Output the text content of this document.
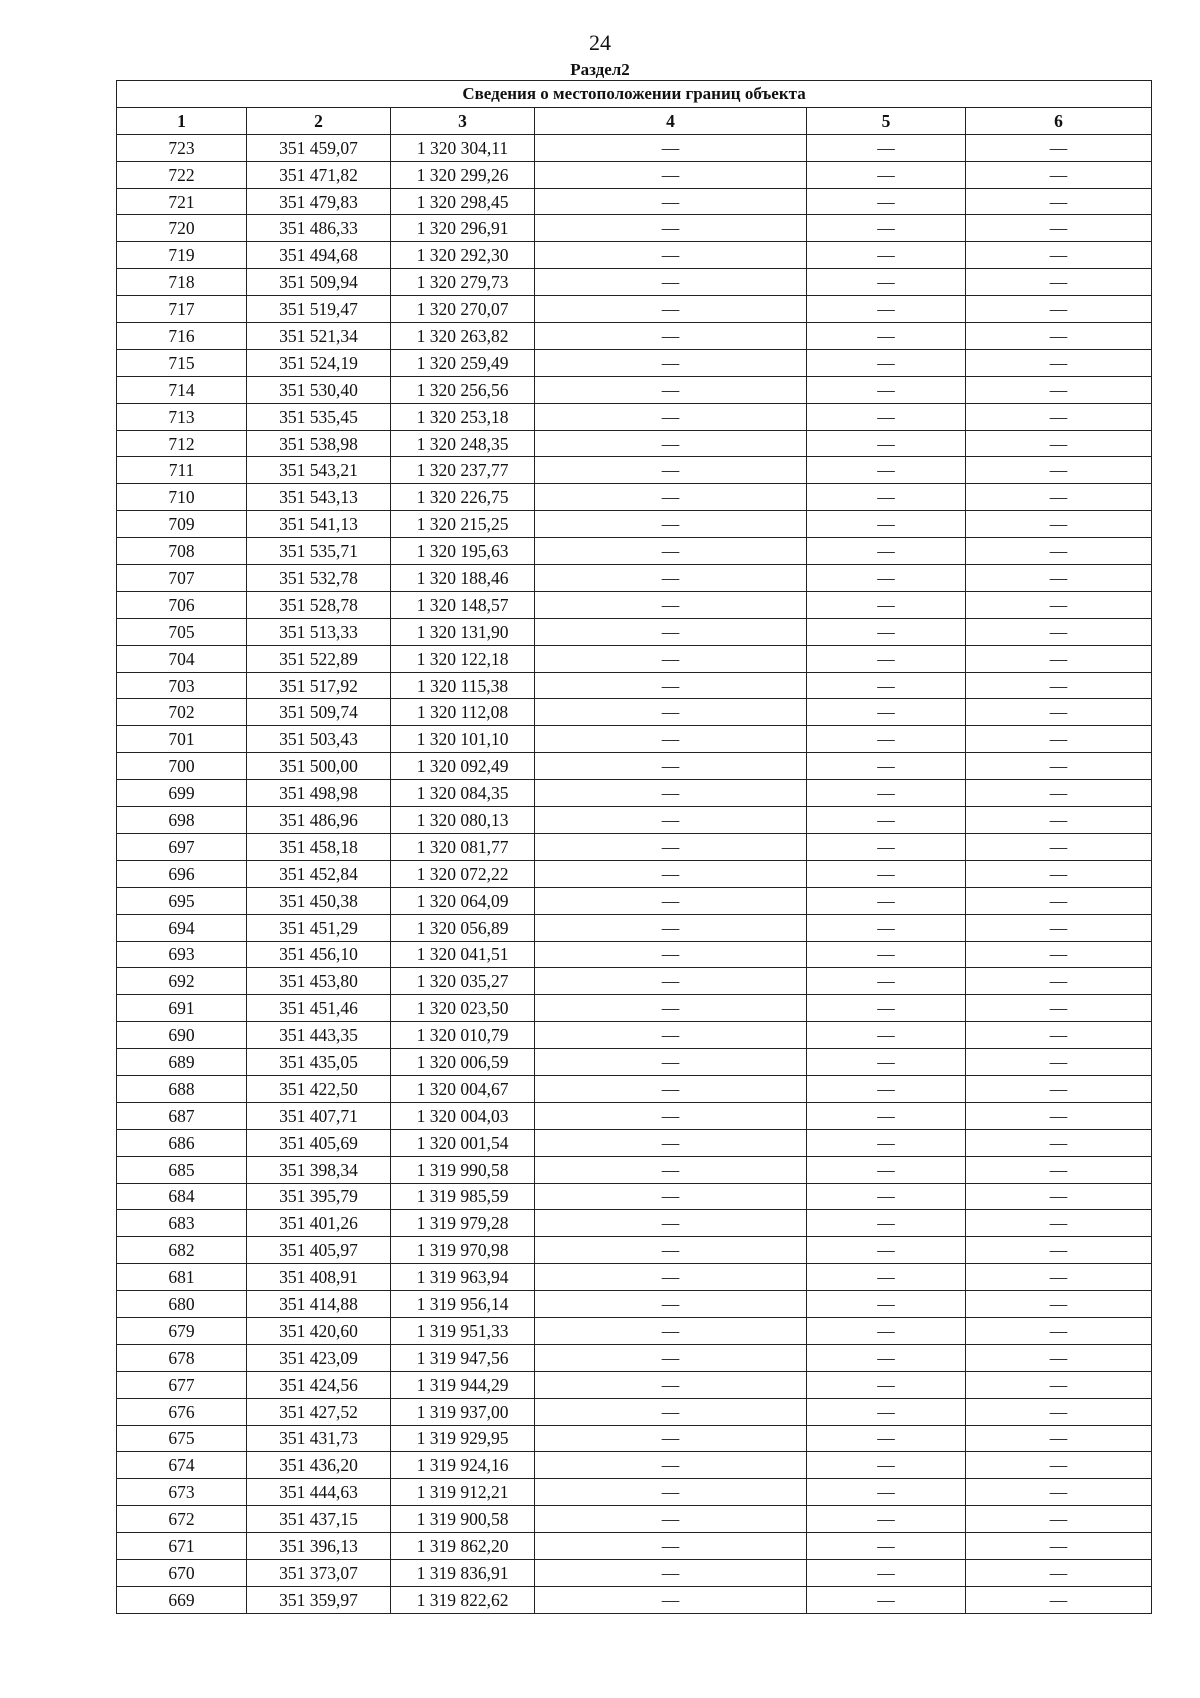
24
Раздел2
Сведения о местоположении границ объекта					
1	2	3	4	5	6
723	351 459,07	1 320 304,11	—	—	—
722	351 471,82	1 320 299,26	—	—	—
721	351 479,83	1 320 298,45	—	—	—
720	351 486,33	1 320 296,91	—	—	—
719	351 494,68	1 320 292,30	—	—	—
718	351 509,94	1 320 279,73	—	—	—
717	351 519,47	1 320 270,07	—	—	—
716	351 521,34	1 320 263,82	—	—	—
715	351 524,19	1 320 259,49	—	—	—
714	351 530,40	1 320 256,56	—	—	—
713	351 535,45	1 320 253,18	—	—	—
712	351 538,98	1 320 248,35	—	—	—
711	351 543,21	1 320 237,77	—	—	—
710	351 543,13	1 320 226,75	—	—	—
709	351 541,13	1 320 215,25	—	—	—
708	351 535,71	1 320 195,63	—	—	—
707	351 532,78	1 320 188,46	—	—	—
706	351 528,78	1 320 148,57	—	—	—
705	351 513,33	1 320 131,90	—	—	—
704	351 522,89	1 320 122,18	—	—	—
703	351 517,92	1 320 115,38	—	—	—
702	351 509,74	1 320 112,08	—	—	—
701	351 503,43	1 320 101,10	—	—	—
700	351 500,00	1 320 092,49	—	—	—
699	351 498,98	1 320 084,35	—	—	—
698	351 486,96	1 320 080,13	—	—	—
697	351 458,18	1 320 081,77	—	—	—
696	351 452,84	1 320 072,22	—	—	—
695	351 450,38	1 320 064,09	—	—	—
694	351 451,29	1 320 056,89	—	—	—
693	351 456,10	1 320 041,51	—	—	—
692	351 453,80	1 320 035,27	—	—	—
691	351 451,46	1 320 023,50	—	—	—
690	351 443,35	1 320 010,79	—	—	—
689	351 435,05	1 320 006,59	—	—	—
688	351 422,50	1 320 004,67	—	—	—
687	351 407,71	1 320 004,03	—	—	—
686	351 405,69	1 320 001,54	—	—	—
685	351 398,34	1 319 990,58	—	—	—
684	351 395,79	1 319 985,59	—	—	—
683	351 401,26	1 319 979,28	—	—	—
682	351 405,97	1 319 970,98	—	—	—
681	351 408,91	1 319 963,94	—	—	—
680	351 414,88	1 319 956,14	—	—	—
679	351 420,60	1 319 951,33	—	—	—
678	351 423,09	1 319 947,56	—	—	—
677	351 424,56	1 319 944,29	—	—	—
676	351 427,52	1 319 937,00	—	—	—
675	351 431,73	1 319 929,95	—	—	—
674	351 436,20	1 319 924,16	—	—	—
673	351 444,63	1 319 912,21	—	—	—
672	351 437,15	1 319 900,58	—	—	—
671	351 396,13	1 319 862,20	—	—	—
670	351 373,07	1 319 836,91	—	—	—
669	351 359,97	1 319 822,62	—	—	—
